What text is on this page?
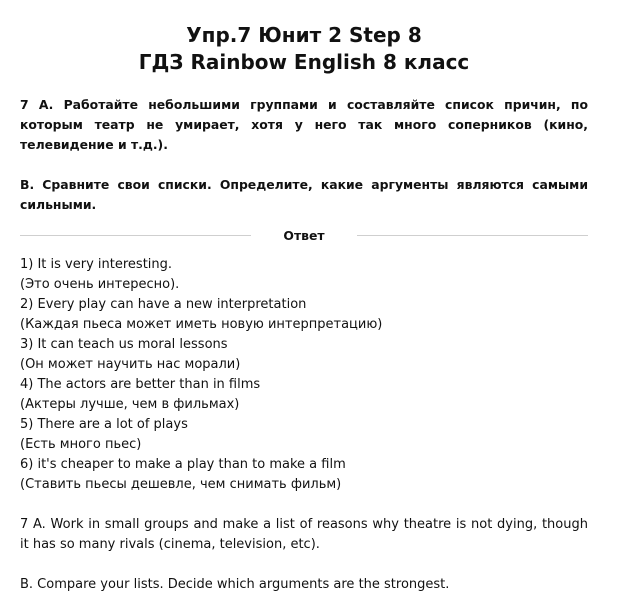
Упр.7 Юнит 2 Step 8
ГДЗ Rainbow English 8 класс

7 A. Работайте небольшими группами и составляйте список причин, по которым театр не умирает, хотя у него так много соперников (кино, телевидение и т.д.).

B. Сравните свои списки. Определите, какие аргументы являются самыми сильными.

Ответ

1) It is very interesting.

(Это очень интересно).

2) Every play can have a new interpretation

(Каждая пьеса может иметь новую интерпретацию)

3) It can teach us moral lessons

(Он может научить нас морали)

4) The actors are better than in films

(Актеры лучше, чем в фильмах)

5) There are a lot of plays

(Есть много пьес)

6) it's cheaper to make a play than to make a film

(Ставить пьесы дешевле, чем снимать фильм)

7 A. Work in small groups and make a list of reasons why theatre is not dying, though it has so many rivals (cinema, television, etc).

B. Compare your lists. Decide which arguments are the strongest.
